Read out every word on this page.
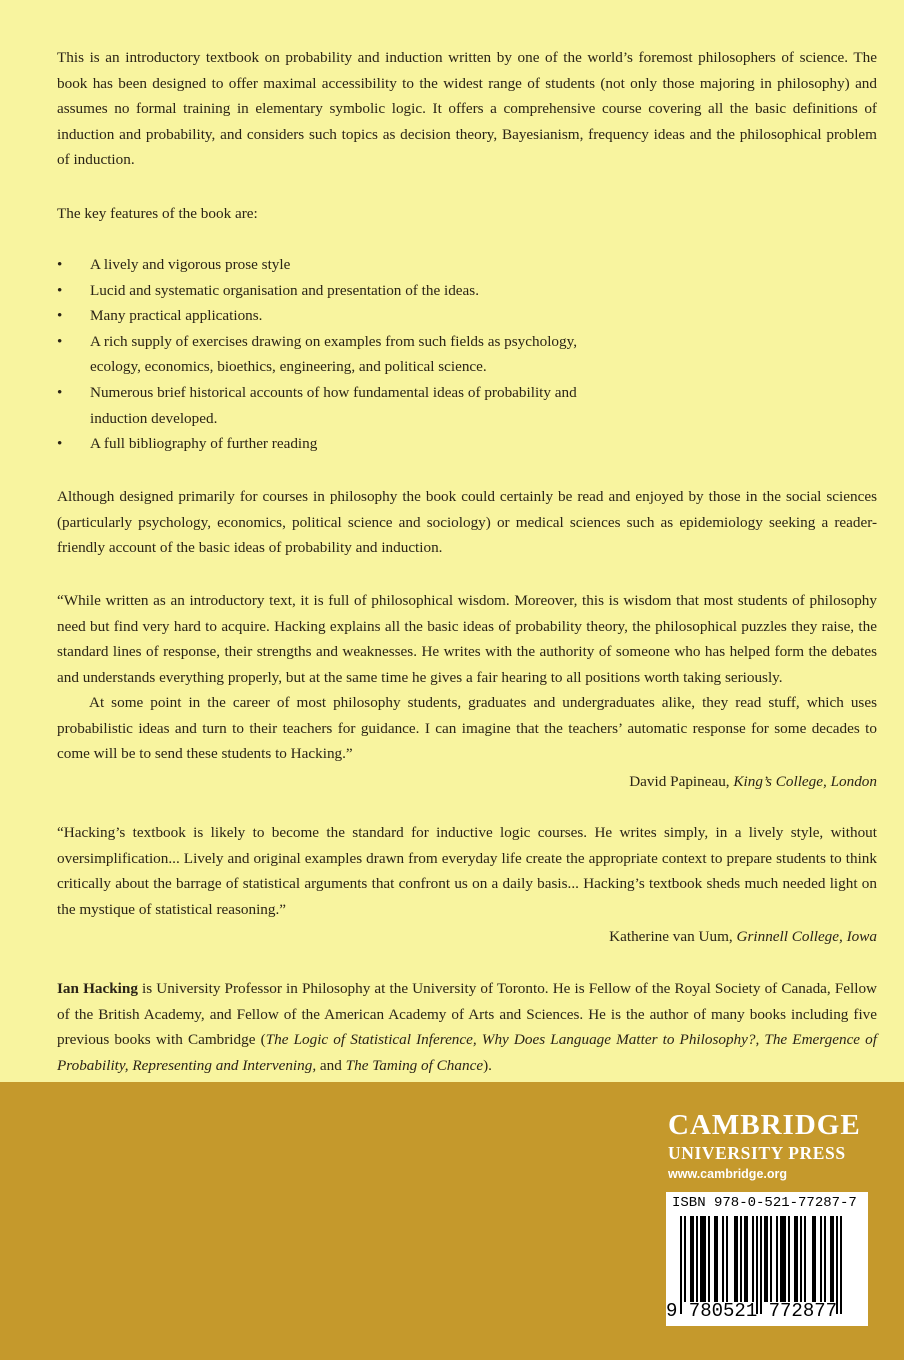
This is an introductory textbook on probability and induction written by one of the world’s foremost philosophers of science. The book has been designed to offer maximal accessibility to the widest range of students (not only those majoring in philosophy) and assumes no formal training in elementary symbolic logic. It offers a comprehensive course covering all the basic definitions of induction and probability, and considers such topics as decision theory, Bayesianism, frequency ideas and the philosophical problem of induction.

The key features of the book are:

• A lively and vigorous prose style
• Lucid and systematic organisation and presentation of the ideas.
• Many practical applications.
• A rich supply of exercises drawing on examples from such fields as psychology, ecology, economics, bioethics, engineering, and political science.
• Numerous brief historical accounts of how fundamental ideas of probability and induction developed.
• A full bibliography of further reading

Although designed primarily for courses in philosophy the book could certainly be read and enjoyed by those in the social sciences (particularly psychology, economics, political science and sociology) or medical sciences such as epidemiology seeking a reader-friendly account of the basic ideas of probability and induction.

“While written as an introductory text, it is full of philosophical wisdom. Moreover, this is wisdom that most students of philosophy need but find very hard to acquire. Hacking explains all the basic ideas of probability theory, the philosophical puzzles they raise, the standard lines of response, their strengths and weaknesses. He writes with the authority of someone who has helped form the debates and understands everything properly, but at the same time he gives a fair hearing to all positions worth taking seriously.

At some point in the career of most philosophy students, graduates and undergraduates alike, they read stuff, which uses probabilistic ideas and turn to their teachers for guidance. I can imagine that the teachers’ automatic response for some decades to come will be to send these students to Hacking.”

David Papineau, King’s College, London

“Hacking’s textbook is likely to become the standard for inductive logic courses. He writes simply, in a lively style, without oversimplification... Lively and original examples drawn from everyday life create the appropriate context to prepare students to think critically about the barrage of statistical arguments that confront us on a daily basis... Hacking’s textbook sheds much needed light on the mystique of statistical reasoning.”

Katherine van Uum, Grinnell College, Iowa

Ian Hacking is University Professor in Philosophy at the University of Toronto. He is Fellow of the Royal Society of Canada, Fellow of the British Academy, and Fellow of the American Academy of Arts and Sciences. He is the author of many books including five previous books with Cambridge (The Logic of Statistical Inference, Why Does Language Matter to Philosophy?, The Emergence of Probability, Representing and Intervening, and The Taming of Chance).

CAMBRIDGE
UNIVERSITY PRESS
www.cambridge.org
ISBN 978-0-521-77287-7
9 780521 772877
